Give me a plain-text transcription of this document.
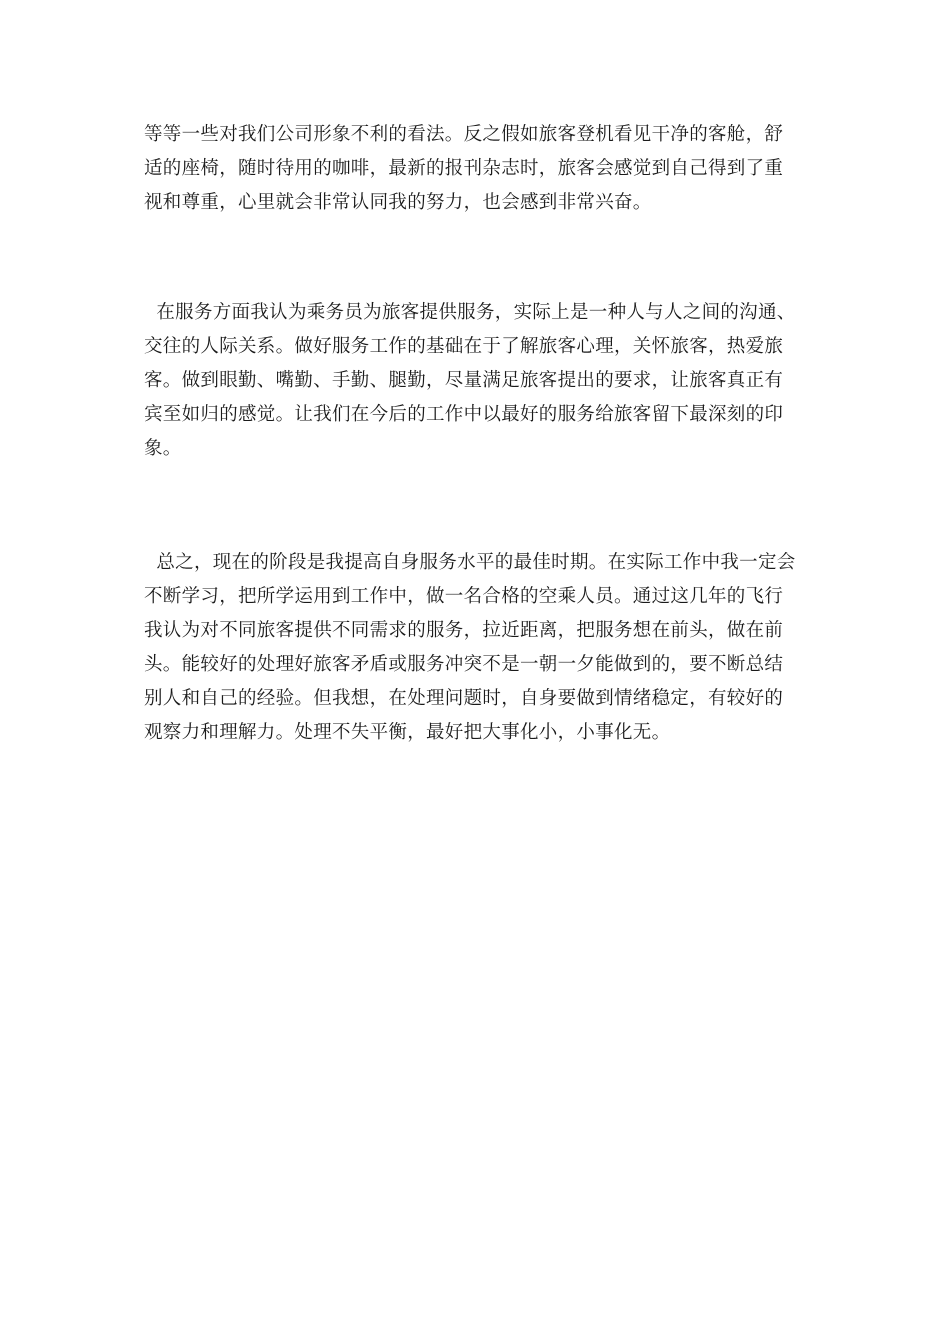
等等一些对我们公司形象不利的看法。反之假如旅客登机看见干净的客舱，舒
适的座椅，随时待用的咖啡，最新的报刊杂志时，旅客会感觉到自己得到了重
视和尊重，心里就会非常认同我的努力，也会感到非常兴奋。

在服务方面我认为乘务员为旅客提供服务，实际上是一种人与人之间的沟通、
交往的人际关系。做好服务工作的基础在于了解旅客心理，关怀旅客，热爱旅
客。做到眼勤、嘴勤、手勤、腿勤，尽量满足旅客提出的要求，让旅客真正有
宾至如归的感觉。让我们在今后的工作中以最好的服务给旅客留下最深刻的印
象。

总之，现在的阶段是我提高自身服务水平的最佳时期。在实际工作中我一定会
不断学习，把所学运用到工作中，做一名合格的空乘人员。通过这几年的飞行
我认为对不同旅客提供不同需求的服务，拉近距离，把服务想在前头，做在前
头。能较好的处理好旅客矛盾或服务冲突不是一朝一夕能做到的，要不断总结
别人和自己的经验。但我想，在处理问题时，自身要做到情绪稳定，有较好的
观察力和理解力。处理不失平衡，最好把大事化小，小事化无。
